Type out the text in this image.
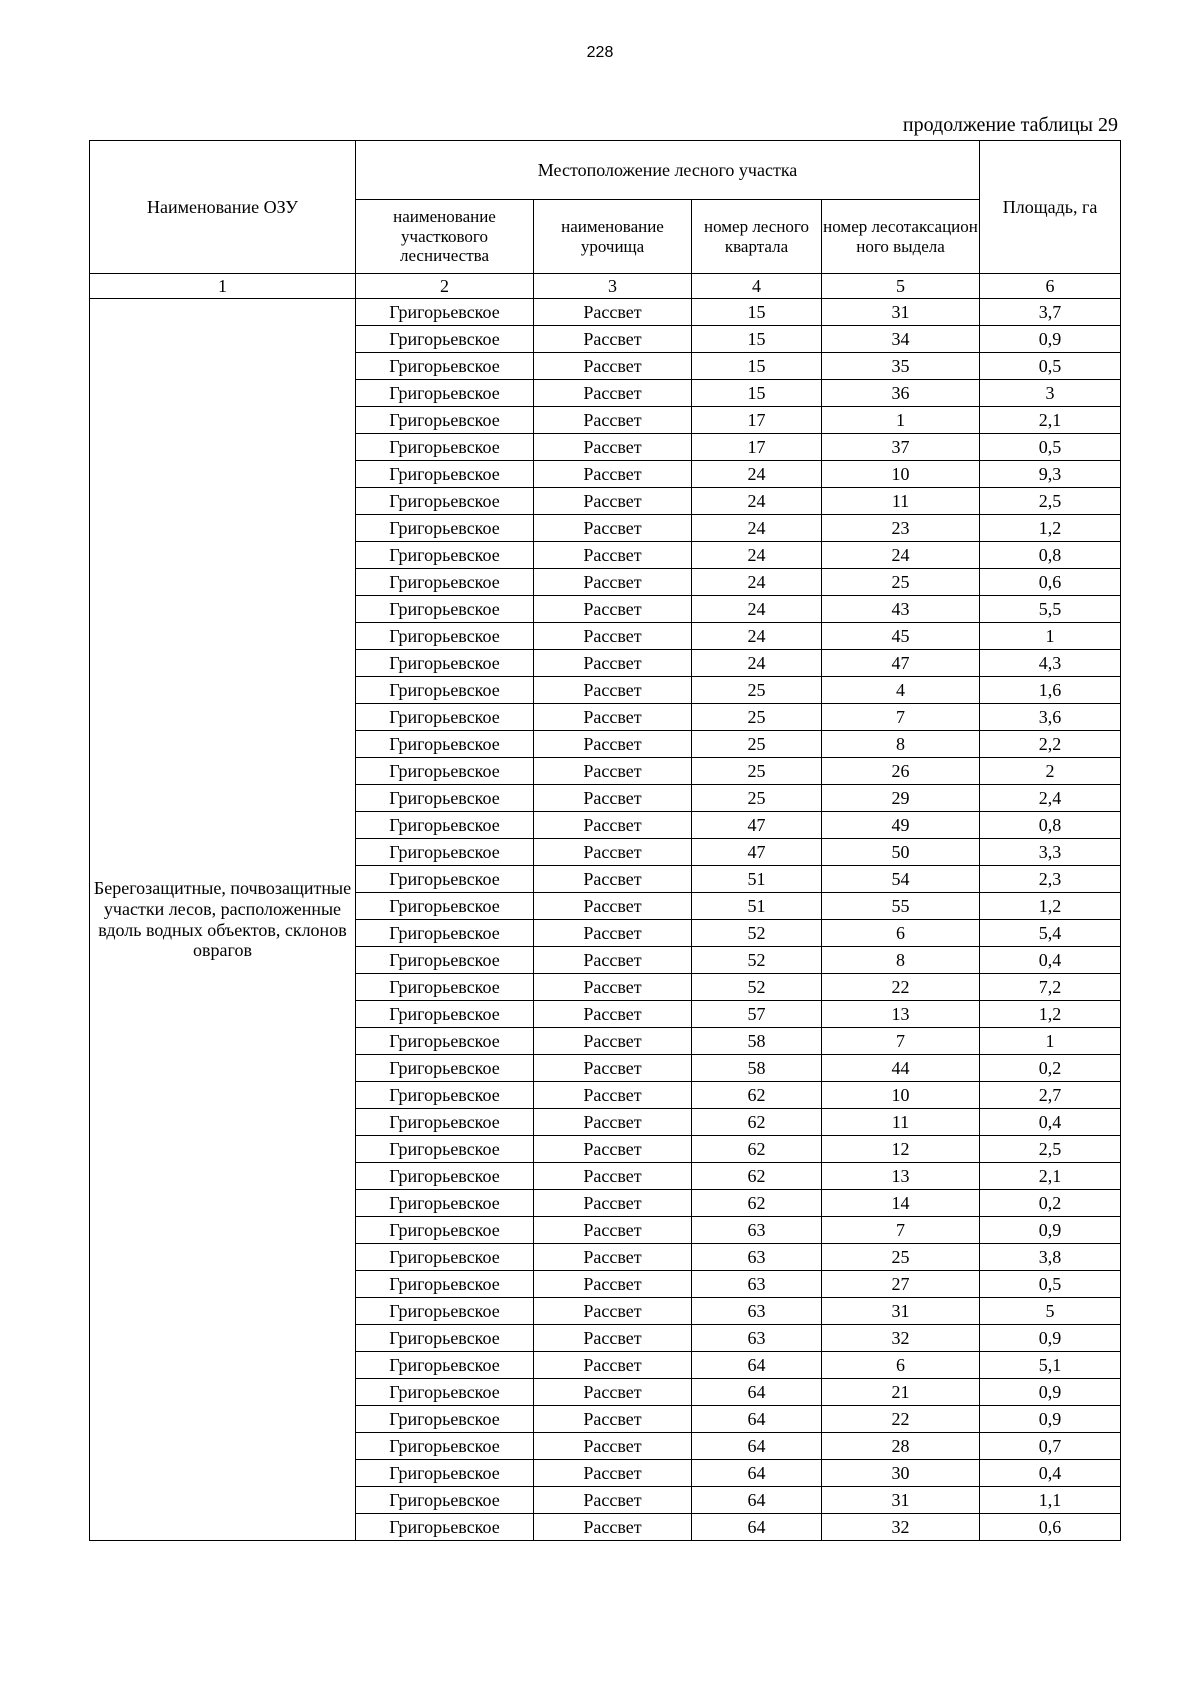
228
продолжение таблицы 29
Наименование ОЗУ	Местоположение лесного участка				Площадь, га
	наименование участкового лесничества	наименование урочища	номер лесного квартала	номер лесотаксацион ного выдела	
1	2	3	4	5	6
Берегозащитные, почвозащитные участки лесов, расположенные вдоль водных объектов, склонов оврагов	Григорьевское	Рассвет	15	31	3,7
	Григорьевское	Рассвет	15	34	0,9
	Григорьевское	Рассвет	15	35	0,5
	Григорьевское	Рассвет	15	36	3
	Григорьевское	Рассвет	17	1	2,1
	Григорьевское	Рассвет	17	37	0,5
	Григорьевское	Рассвет	24	10	9,3
	Григорьевское	Рассвет	24	11	2,5
	Григорьевское	Рассвет	24	23	1,2
	Григорьевское	Рассвет	24	24	0,8
	Григорьевское	Рассвет	24	25	0,6
	Григорьевское	Рассвет	24	43	5,5
	Григорьевское	Рассвет	24	45	1
	Григорьевское	Рассвет	24	47	4,3
	Григорьевское	Рассвет	25	4	1,6
	Григорьевское	Рассвет	25	7	3,6
	Григорьевское	Рассвет	25	8	2,2
	Григорьевское	Рассвет	25	26	2
	Григорьевское	Рассвет	25	29	2,4
	Григорьевское	Рассвет	47	49	0,8
	Григорьевское	Рассвет	47	50	3,3
	Григорьевское	Рассвет	51	54	2,3
	Григорьевское	Рассвет	51	55	1,2
	Григорьевское	Рассвет	52	6	5,4
	Григорьевское	Рассвет	52	8	0,4
	Григорьевское	Рассвет	52	22	7,2
	Григорьевское	Рассвет	57	13	1,2
	Григорьевское	Рассвет	58	7	1
	Григорьевское	Рассвет	58	44	0,2
	Григорьевское	Рассвет	62	10	2,7
	Григорьевское	Рассвет	62	11	0,4
	Григорьевское	Рассвет	62	12	2,5
	Григорьевское	Рассвет	62	13	2,1
	Григорьевское	Рассвет	62	14	0,2
	Григорьевское	Рассвет	63	7	0,9
	Григорьевское	Рассвет	63	25	3,8
	Григорьевское	Рассвет	63	27	0,5
	Григорьевское	Рассвет	63	31	5
	Григорьевское	Рассвет	63	32	0,9
	Григорьевское	Рассвет	64	6	5,1
	Григорьевское	Рассвет	64	21	0,9
	Григорьевское	Рассвет	64	22	0,9
	Григорьевское	Рассвет	64	28	0,7
	Григорьевское	Рассвет	64	30	0,4
	Григорьевское	Рассвет	64	31	1,1
	Григорьевское	Рассвет	64	32	0,6
